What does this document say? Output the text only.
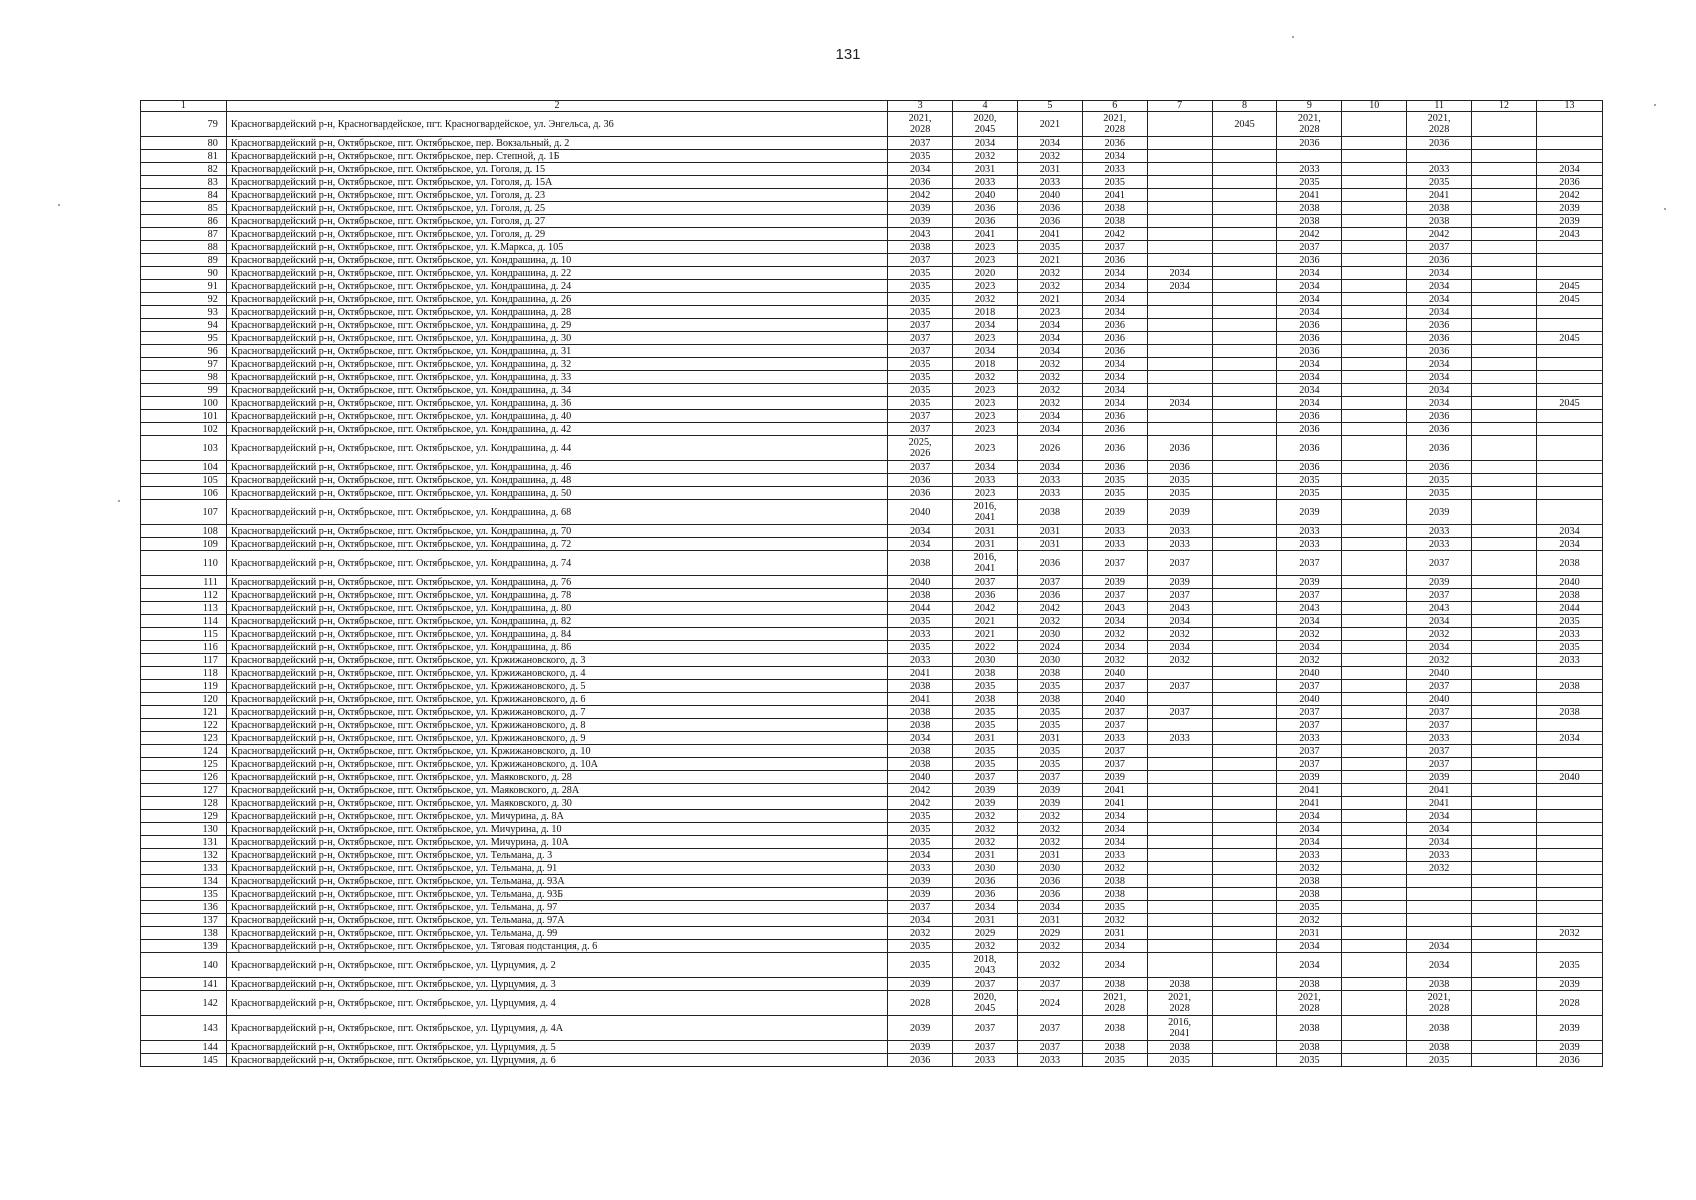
131
1	2	3	4	5	6	7	8	9	10	11	12	13
79	Красногвардейский р-н, Красногвардейское, пгт. Красногвардейское, ул. Энгельса, д. 36	2021,
2028	2020,
2045	2021	2021,
2028		2045	2021,
2028		2021,
2028		
80	Красногвардейский р-н, Октябрьское, пгт. Октябрьское, пер. Вокзальный, д. 2	2037	2034	2034	2036			2036		2036		
81	Красногвардейский р-н, Октябрьское, пгт. Октябрьское, пер. Степной, д. 1Б	2035	2032	2032	2034							
82	Красногвардейский р-н, Октябрьское, пгт. Октябрьское, ул. Гоголя, д. 15	2034	2031	2031	2033			2033		2033		2034
83	Красногвардейский р-н, Октябрьское, пгт. Октябрьское, ул. Гоголя, д. 15А	2036	2033	2033	2035			2035		2035		2036
84	Красногвардейский р-н, Октябрьское, пгт. Октябрьское, ул. Гоголя, д. 23	2042	2040	2040	2041			2041		2041		2042
85	Красногвардейский р-н, Октябрьское, пгт. Октябрьское, ул. Гоголя, д. 25	2039	2036	2036	2038			2038		2038		2039
86	Красногвардейский р-н, Октябрьское, пгт. Октябрьское, ул. Гоголя, д. 27	2039	2036	2036	2038			2038		2038		2039
87	Красногвардейский р-н, Октябрьское, пгт. Октябрьское, ул. Гоголя, д. 29	2043	2041	2041	2042			2042		2042		2043
88	Красногвардейский р-н, Октябрьское, пгт. Октябрьское, ул. К.Маркса, д. 105	2038	2023	2035	2037			2037		2037		
89	Красногвардейский р-н, Октябрьское, пгт. Октябрьское, ул. Кондрашина, д. 10	2037	2023	2021	2036			2036		2036		
90	Красногвардейский р-н, Октябрьское, пгт. Октябрьское, ул. Кондрашина, д. 22	2035	2020	2032	2034	2034		2034		2034		
91	Красногвардейский р-н, Октябрьское, пгт. Октябрьское, ул. Кондрашина, д. 24	2035	2023	2032	2034	2034		2034		2034		2045
92	Красногвардейский р-н, Октябрьское, пгт. Октябрьское, ул. Кондрашина, д. 26	2035	2032	2021	2034			2034		2034		2045
93	Красногвардейский р-н, Октябрьское, пгт. Октябрьское, ул. Кондрашина, д. 28	2035	2018	2023	2034			2034		2034		
94	Красногвардейский р-н, Октябрьское, пгт. Октябрьское, ул. Кондрашина, д. 29	2037	2034	2034	2036			2036		2036		
95	Красногвардейский р-н, Октябрьское, пгт. Октябрьское, ул. Кондрашина, д. 30	2037	2023	2034	2036			2036		2036		2045
96	Красногвардейский р-н, Октябрьское, пгт. Октябрьское, ул. Кондрашина, д. 31	2037	2034	2034	2036			2036		2036		
97	Красногвардейский р-н, Октябрьское, пгт. Октябрьское, ул. Кондрашина, д. 32	2035	2018	2032	2034			2034		2034		
98	Красногвардейский р-н, Октябрьское, пгт. Октябрьское, ул. Кондрашина, д. 33	2035	2032	2032	2034			2034		2034		
99	Красногвардейский р-н, Октябрьское, пгт. Октябрьское, ул. Кондрашина, д. 34	2035	2023	2032	2034			2034		2034		
100	Красногвардейский р-н, Октябрьское, пгт. Октябрьское, ул. Кондрашина, д. 36	2035	2023	2032	2034	2034		2034		2034		2045
101	Красногвардейский р-н, Октябрьское, пгт. Октябрьское, ул. Кондрашина, д. 40	2037	2023	2034	2036			2036		2036		
102	Красногвардейский р-н, Октябрьское, пгт. Октябрьское, ул. Кондрашина, д. 42	2037	2023	2034	2036			2036		2036		
103	Красногвардейский р-н, Октябрьское, пгт. Октябрьское, ул. Кондрашина, д. 44	2025,
2026	2023	2026	2036	2036		2036		2036		
104	Красногвардейский р-н, Октябрьское, пгт. Октябрьское, ул. Кондрашина, д. 46	2037	2034	2034	2036	2036		2036		2036		
105	Красногвардейский р-н, Октябрьское, пгт. Октябрьское, ул. Кондрашина, д. 48	2036	2033	2033	2035	2035		2035		2035		
106	Красногвардейский р-н, Октябрьское, пгт. Октябрьское, ул. Кондрашина, д. 50	2036	2023	2033	2035	2035		2035		2035		
107	Красногвардейский р-н, Октябрьское, пгт. Октябрьское, ул. Кондрашина, д. 68	2040	2016,
2041	2038	2039	2039		2039		2039		
108	Красногвардейский р-н, Октябрьское, пгт. Октябрьское, ул. Кондрашина, д. 70	2034	2031	2031	2033	2033		2033		2033		2034
109	Красногвардейский р-н, Октябрьское, пгт. Октябрьское, ул. Кондрашина, д. 72	2034	2031	2031	2033	2033		2033		2033		2034
110	Красногвардейский р-н, Октябрьское, пгт. Октябрьское, ул. Кондрашина, д. 74	2038	2016,
2041	2036	2037	2037		2037		2037		2038
111	Красногвардейский р-н, Октябрьское, пгт. Октябрьское, ул. Кондрашина, д. 76	2040	2037	2037	2039	2039		2039		2039		2040
112	Красногвардейский р-н, Октябрьское, пгт. Октябрьское, ул. Кондрашина, д. 78	2038	2036	2036	2037	2037		2037		2037		2038
113	Красногвардейский р-н, Октябрьское, пгт. Октябрьское, ул. Кондрашина, д. 80	2044	2042	2042	2043	2043		2043		2043		2044
114	Красногвардейский р-н, Октябрьское, пгт. Октябрьское, ул. Кондрашина, д. 82	2035	2021	2032	2034	2034		2034		2034		2035
115	Красногвардейский р-н, Октябрьское, пгт. Октябрьское, ул. Кондрашина, д. 84	2033	2021	2030	2032	2032		2032		2032		2033
116	Красногвардейский р-н, Октябрьское, пгт. Октябрьское, ул. Кондрашина, д. 86	2035	2022	2024	2034	2034		2034		2034		2035
117	Красногвардейский р-н, Октябрьское, пгт. Октябрьское, ул. Кржижановского, д. 3	2033	2030	2030	2032	2032		2032		2032		2033
118	Красногвардейский р-н, Октябрьское, пгт. Октябрьское, ул. Кржижановского, д. 4	2041	2038	2038	2040			2040		2040		
119	Красногвардейский р-н, Октябрьское, пгт. Октябрьское, ул. Кржижановского, д. 5	2038	2035	2035	2037	2037		2037		2037		2038
120	Красногвардейский р-н, Октябрьское, пгт. Октябрьское, ул. Кржижановского, д. 6	2041	2038	2038	2040			2040		2040		
121	Красногвардейский р-н, Октябрьское, пгт. Октябрьское, ул. Кржижановского, д. 7	2038	2035	2035	2037	2037		2037		2037		2038
122	Красногвардейский р-н, Октябрьское, пгт. Октябрьское, ул. Кржижановского, д. 8	2038	2035	2035	2037			2037		2037		
123	Красногвардейский р-н, Октябрьское, пгт. Октябрьское, ул. Кржижановского, д. 9	2034	2031	2031	2033	2033		2033		2033		2034
124	Красногвардейский р-н, Октябрьское, пгт. Октябрьское, ул. Кржижановского, д. 10	2038	2035	2035	2037			2037		2037		
125	Красногвардейский р-н, Октябрьское, пгт. Октябрьское, ул. Кржижановского, д. 10А	2038	2035	2035	2037			2037		2037		
126	Красногвардейский р-н, Октябрьское, пгт. Октябрьское, ул. Маяковского, д. 28	2040	2037	2037	2039			2039		2039		2040
127	Красногвардейский р-н, Октябрьское, пгт. Октябрьское, ул. Маяковского, д. 28А	2042	2039	2039	2041			2041		2041		
128	Красногвардейский р-н, Октябрьское, пгт. Октябрьское, ул. Маяковского, д. 30	2042	2039	2039	2041			2041		2041		
129	Красногвардейский р-н, Октябрьское, пгт. Октябрьское, ул. Мичурина, д. 8А	2035	2032	2032	2034			2034		2034		
130	Красногвардейский р-н, Октябрьское, пгт. Октябрьское, ул. Мичурина, д. 10	2035	2032	2032	2034			2034		2034		
131	Красногвардейский р-н, Октябрьское, пгт. Октябрьское, ул. Мичурина, д. 10А	2035	2032	2032	2034			2034		2034		
132	Красногвардейский р-н, Октябрьское, пгт. Октябрьское, ул. Тельмана, д. 3	2034	2031	2031	2033			2033		2033		
133	Красногвардейский р-н, Октябрьское, пгт. Октябрьское, ул. Тельмана, д. 91	2033	2030	2030	2032			2032		2032		
134	Красногвардейский р-н, Октябрьское, пгт. Октябрьское, ул. Тельмана, д. 93А	2039	2036	2036	2038			2038				
135	Красногвардейский р-н, Октябрьское, пгт. Октябрьское, ул. Тельмана, д. 93Б	2039	2036	2036	2038			2038				
136	Красногвардейский р-н, Октябрьское, пгт. Октябрьское, ул. Тельмана, д. 97	2037	2034	2034	2035			2035				
137	Красногвардейский р-н, Октябрьское, пгт. Октябрьское, ул. Тельмана, д. 97А	2034	2031	2031	2032			2032				
138	Красногвардейский р-н, Октябрьское, пгт. Октябрьское, ул. Тельмана, д. 99	2032	2029	2029	2031			2031				2032
139	Красногвардейский р-н, Октябрьское, пгт. Октябрьское, ул. Тяговая подстанция, д. 6	2035	2032	2032	2034			2034		2034		
140	Красногвардейский р-н, Октябрьское, пгт. Октябрьское, ул. Цурцумия, д. 2	2035	2018,
2043	2032	2034			2034		2034		2035
141	Красногвардейский р-н, Октябрьское, пгт. Октябрьское, ул. Цурцумия, д. 3	2039	2037	2037	2038	2038		2038		2038		2039
142	Красногвардейский р-н, Октябрьское, пгт. Октябрьское, ул. Цурцумия, д. 4	2028	2020,
2045	2024	2021,
2028	2021,
2028		2021,
2028		2021,
2028		2028
143	Красногвардейский р-н, Октябрьское, пгт. Октябрьское, ул. Цурцумия, д. 4А	2039	2037	2037	2038	2016,
2041		2038		2038		2039
144	Красногвардейский р-н, Октябрьское, пгт. Октябрьское, ул. Цурцумия, д. 5	2039	2037	2037	2038	2038		2038		2038		2039
145	Красногвардейский р-н, Октябрьское, пгт. Октябрьское, ул. Цурцумия, д. 6	2036	2033	2033	2035	2035		2035		2035		2036
